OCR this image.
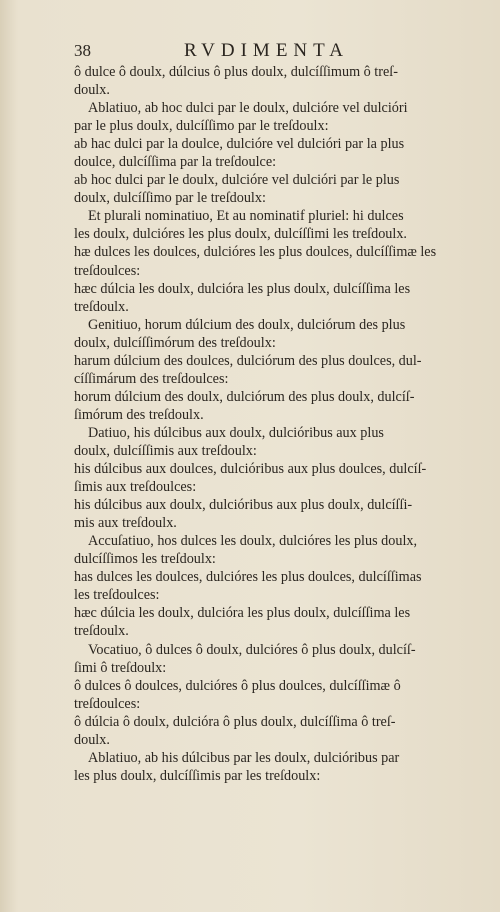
38	RVDIMENTA
ô dulce ô doulx, dúlcius ô plus doulx, dulcíſſimum ô treſ-
doulx.
Ablatiuo, ab hoc dulci par le doulx, dulcióre vel dulcióri
par le plus doulx, dulcíſſimo par le treſdoulx:
ab hac dulci par la doulce, dulcióre vel dulcióri par la plus
doulce, dulcíſſima par la treſdoulce:
ab hoc dulci par le doulx, dulcióre vel dulcióri par le plus
doulx, dulcíſſimo par le treſdoulx:
Et plurali nominatiuo, Et au nominatif pluriel: hi dulces
les doulx, dulcióres les plus doulx, dulcíſſimi les treſdoulx.
hæ dulces les doulces, dulcióres les plus doulces, dulcíſſimæ les
treſdoulces:
hæc dúlcia les doulx, dulcióra les plus doulx, dulcíſſima les
treſdoulx.
Genitiuo, horum dúlcium des doulx, dulciórum des plus
doulx, dulcíſſimórum des treſdoulx:
harum dúlcium des doulces, dulciórum des plus doulces, dul-
cíſſimárum des treſdoulces:
horum dúlcium des doulx, dulciórum des plus doulx, dulcíſ-
ſimórum des treſdoulx.
Datiuo, his dúlcibus aux doulx, dulcióribus aux plus
doulx, dulcíſſimis aux treſdoulx:
his dúlcibus aux doulces, dulcióribus aux plus doulces, dulcíſ-
ſimis aux treſdoulces:
his dúlcibus aux doulx, dulcióribus aux plus doulx, dulcíſſi-
mis aux treſdoulx.
Accuſatiuo, hos dulces les doulx, dulcióres les plus doulx,
dulcíſſimos les treſdoulx:
has dulces les doulces, dulcióres les plus doulces, dulcíſſimas
les treſdoulces:
hæc dúlcia les doulx, dulcióra les plus doulx, dulcíſſima les
treſdoulx.
Vocatiuo, ô dulces ô doulx, dulcióres ô plus doulx, dulcíſ-
ſimi ô treſdoulx:
ô dulces ô doulces, dulcióres ô plus doulces, dulcíſſimæ ô
treſdoulces:
ô dúlcia ô doulx, dulcióra ô plus doulx, dulcíſſima ô treſ-
doulx.
Ablatiuo, ab his dúlcibus par les doulx, dulcióribus par
les plus doulx, dulcíſſimis par les treſdoulx:
